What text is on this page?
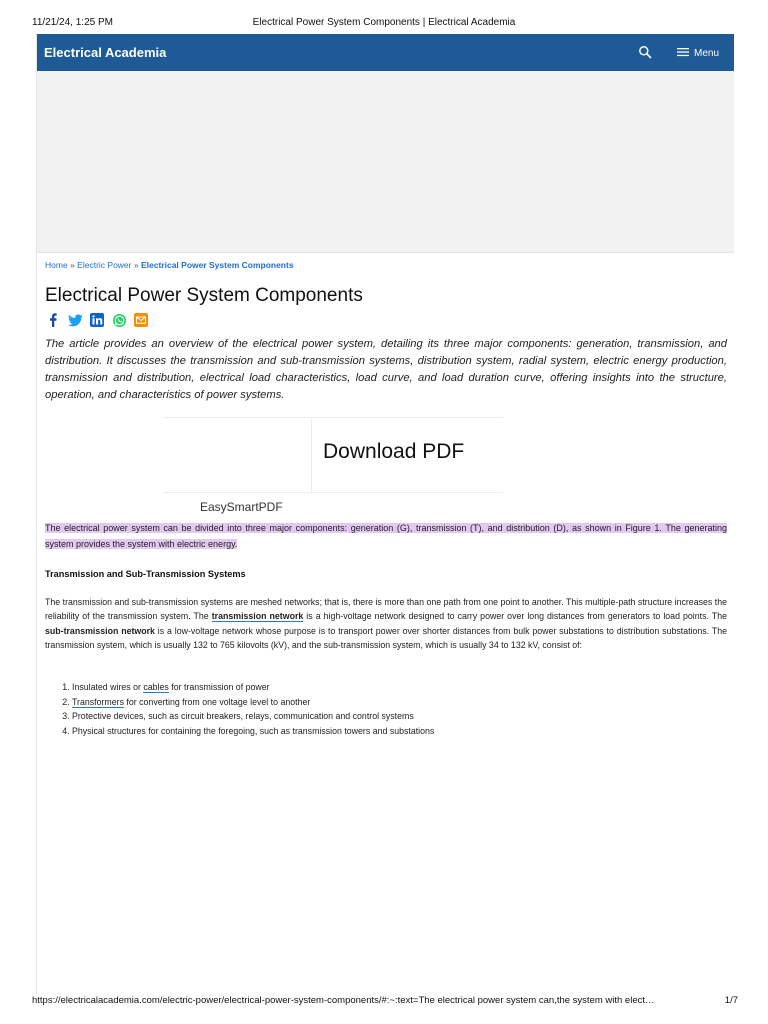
11/21/24, 1:25 PM	Electrical Power System Components | Electrical Academia
Electrical Academia	Menu
Home » Electric Power » Electrical Power System Components
Electrical Power System Components

The article provides an overview of the electrical power system, detailing its three major components: generation, transmission, and distribution. It discusses the transmission and sub-transmission systems, distribution system, radial system, electric energy production, transmission and distribution, electrical load characteristics, load curve, and load duration curve, offering insights into the structure, operation, and characteristics of power systems.

Download PDF
EasySmartPDF

The electrical power system can be divided into three major components: generation (G), transmission (T), and distribution (D), as shown in Figure 1. The generating system provides the system with electric energy.

Transmission and Sub-Transmission Systems

The transmission and sub-transmission systems are meshed networks; that is, there is more than one path from one point to another. This multiple-path structure increases the reliability of the transmission system. The transmission network is a high-voltage network designed to carry power over long distances from generators to load points. The sub-transmission network is a low-voltage network whose purpose is to transport power over shorter distances from bulk power substations to distribution substations. The transmission system, which is usually 132 to 765 kilovolts (kV), and the sub-transmission system, which is usually 34 to 132 kV, consist of:

1. Insulated wires or cables for transmission of power
2. Transformers for converting from one voltage level to another
3. Protective devices, such as circuit breakers, relays, communication and control systems
4. Physical structures for containing the foregoing, such as transmission towers and substations
https://electricalacademia.com/electric-power/electrical-power-system-components/#:~:text=The electrical power system can,the system with elect…	1/7
